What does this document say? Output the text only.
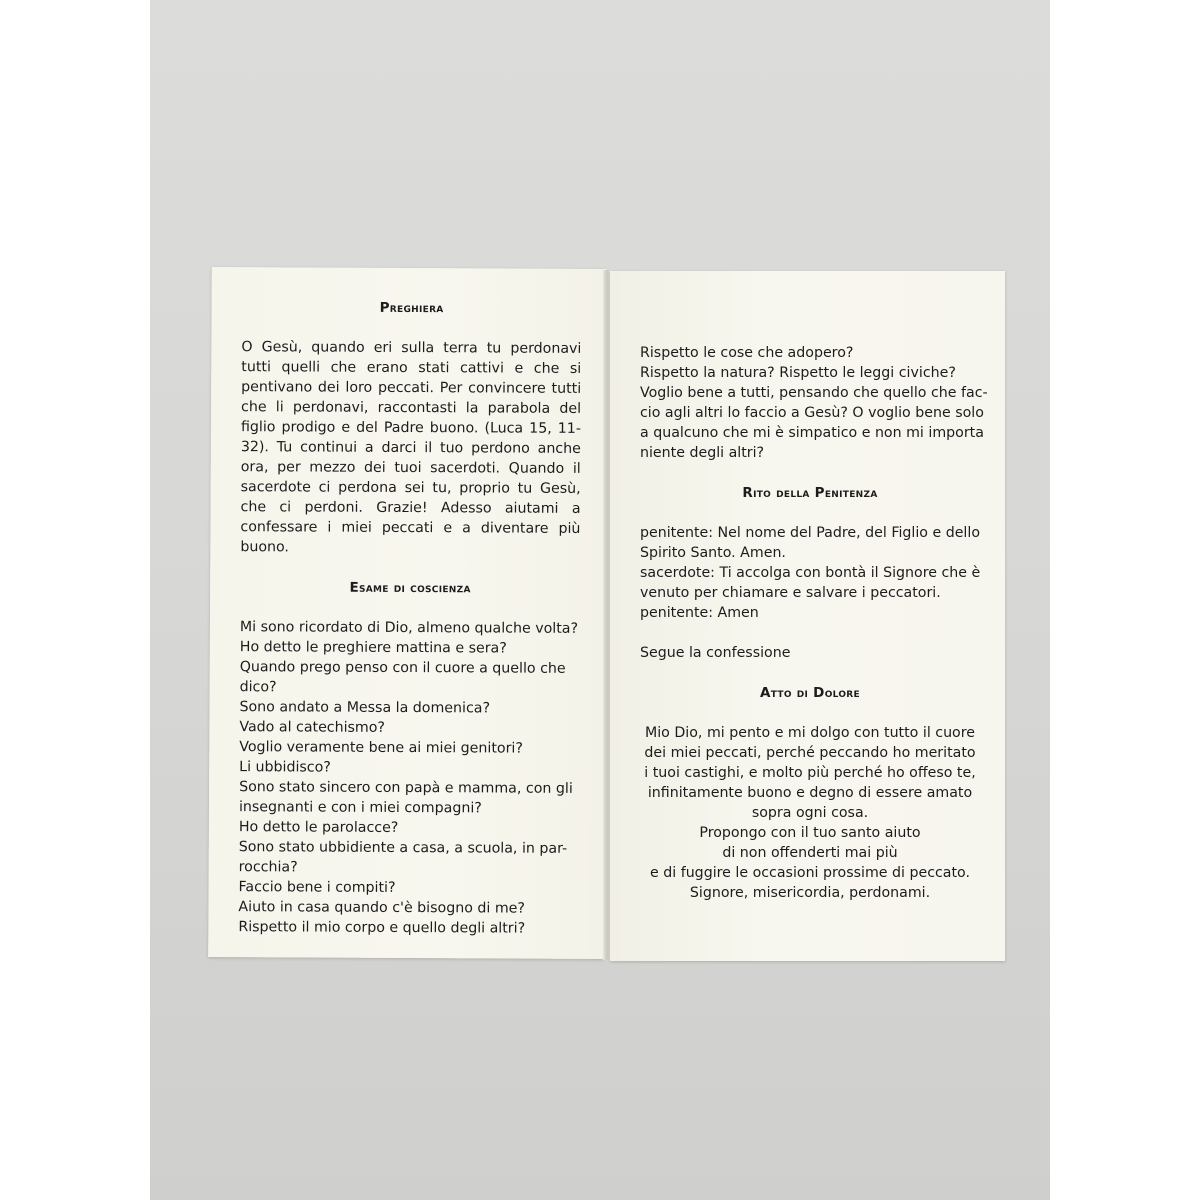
Preghiera

O Gesù, quando eri sulla terra tu perdonavi tutti quelli che erano stati cattivi e che si pentivano dei loro peccati. Per convincere tutti che li perdonavi, raccontasti la parabola del figlio prodigo e del Padre buono. (Luca 15, 11-32). Tu continui a darci il tuo perdono anche ora, per mezzo dei tuoi sacerdoti. Quando il sacerdote ci perdona sei tu, proprio tu Gesù, che ci perdoni. Grazie! Adesso aiutami a confessare i miei peccati e a diventare più buono.

Esame di coscienza
Mi sono ricordato di Dio, almeno qualche volta?
Ho detto le preghiere mattina e sera?
Quando prego penso con il cuore a quello che
dico?
Sono andato a Messa la domenica?
Vado al catechismo?
Voglio veramente bene ai miei genitori?
Li ubbidisco?
Sono stato sincero con papà e mamma, con gli
insegnanti e con i miei compagni?
Ho detto le parolacce?
Sono stato ubbidiente a casa, a scuola, in par-
rocchia?
Faccio bene i compiti?
Aiuto in casa quando c'è bisogno di me?
Rispetto il mio corpo e quello degli altri?
Rispetto le cose che adopero?
Rispetto la natura? Rispetto le leggi civiche?
Voglio bene a tutti, pensando che quello che fac-
cio agli altri lo faccio a Gesù? O voglio bene solo
a qualcuno che mi è simpatico e non mi importa
niente degli altri?
Rito della Penitenza
penitente: Nel nome del Padre, del Figlio e dello
Spirito Santo. Amen.
sacerdote: Ti accolga con bontà il Signore che è
venuto per chiamare e salvare i peccatori.
penitente: Amen
Segue la confessione
Atto di Dolore
Mio Dio, mi pento e mi dolgo con tutto il cuore
dei miei peccati, perché peccando ho meritato
i tuoi castighi, e molto più perché ho offeso te,
infinitamente buono e degno di essere amato
sopra ogni cosa.
Propongo con il tuo santo aiuto
di non offenderti mai più
e di fuggire le occasioni prossime di peccato.
Signore, misericordia, perdonami.
